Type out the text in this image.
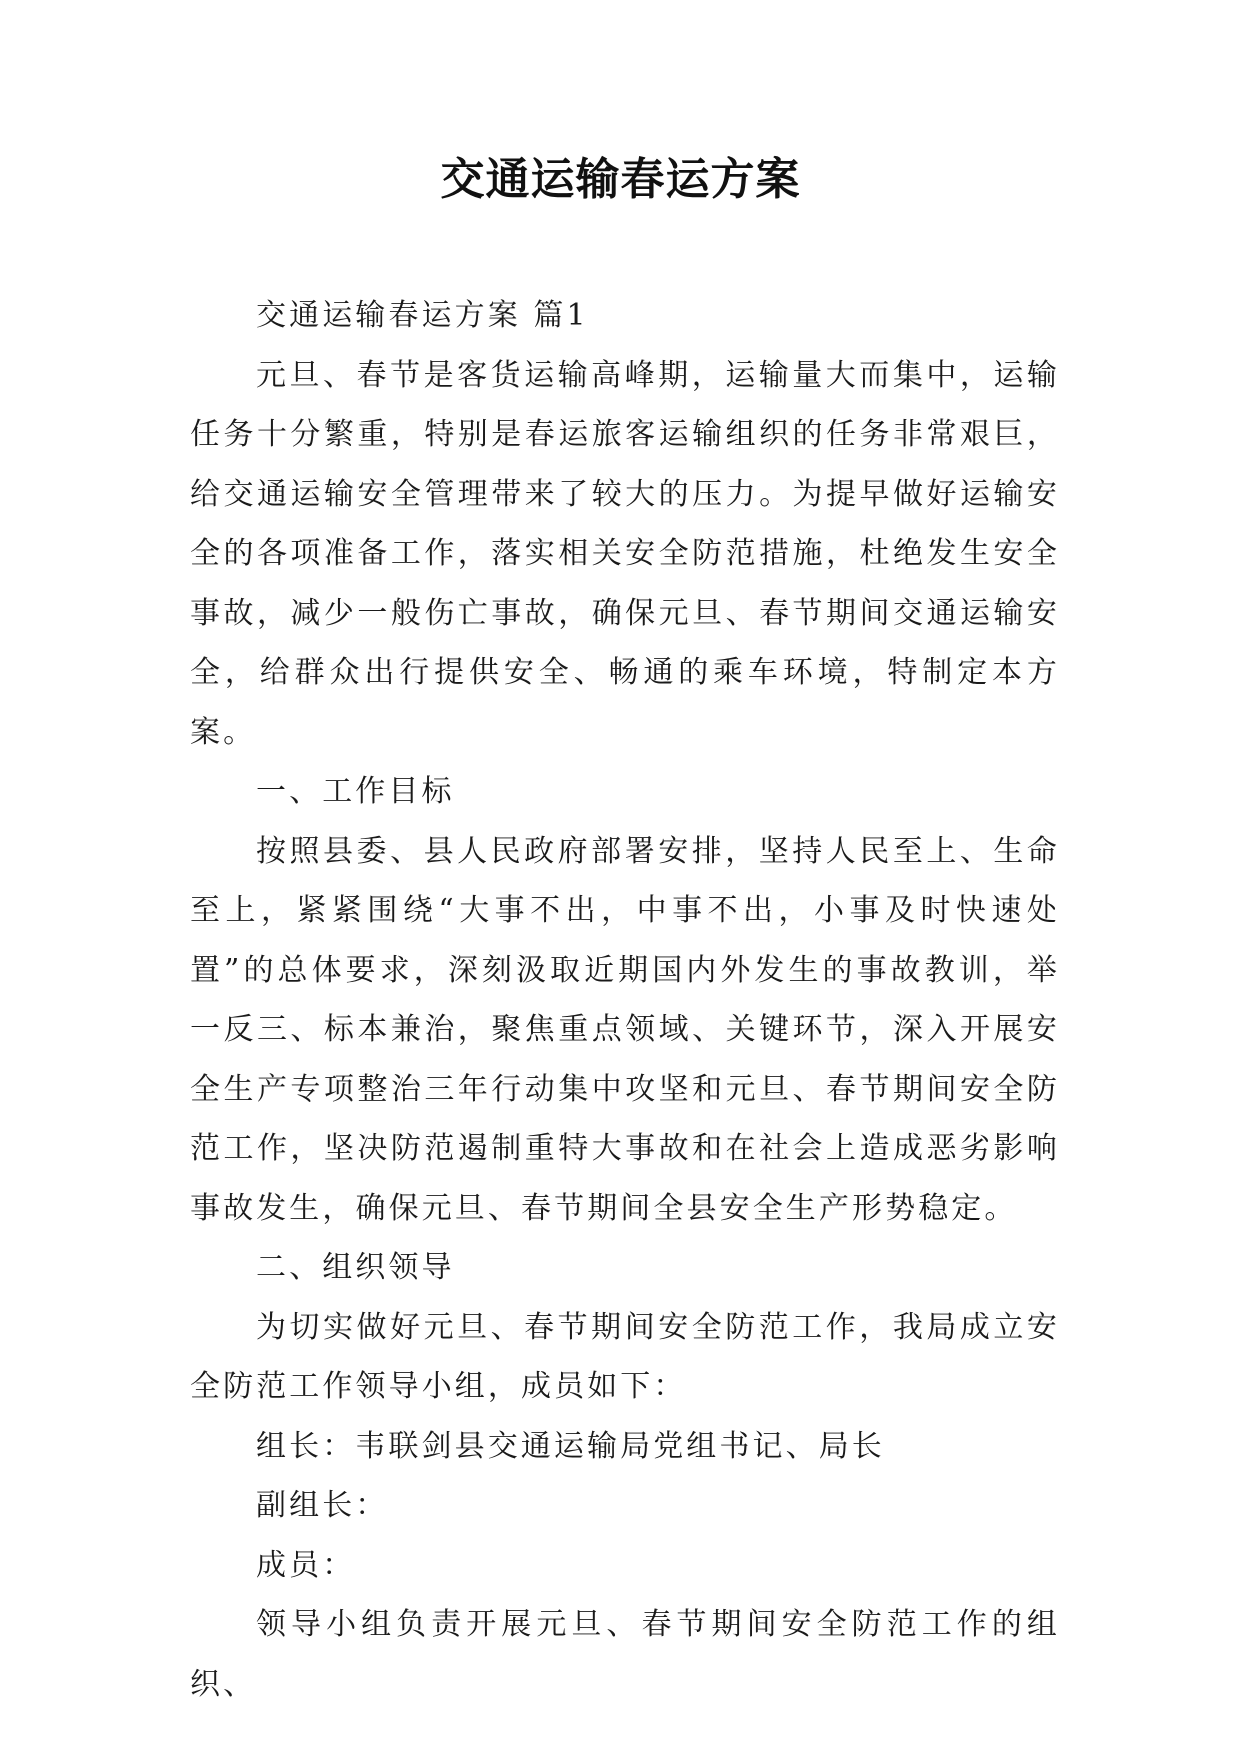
交通运输春运方案

交通运输春运方案 篇1

元旦、春节是客货运输高峰期，运输量大而集中，运输任务十分繁重，特别是春运旅客运输组织的任务非常艰巨，给交通运输安全管理带来了较大的压力。为提早做好运输安全的各项准备工作，落实相关安全防范措施，杜绝发生安全事故，减少一般伤亡事故，确保元旦、春节期间交通运输安全，给群众出行提供安全、畅通的乘车环境，特制定本方案。

一、工作目标

按照县委、县人民政府部署安排，坚持人民至上、生命至上，紧紧围绕“大事不出，中事不出，小事及时快速处置”的总体要求，深刻汲取近期国内外发生的事故教训，举一反三、标本兼治，聚焦重点领域、关键环节，深入开展安全生产专项整治三年行动集中攻坚和元旦、春节期间安全防范工作，坚决防范遏制重特大事故和在社会上造成恶劣影响事故发生，确保元旦、春节期间全县安全生产形势稳定。

二、组织领导

为切实做好元旦、春节期间安全防范工作，我局成立安全防范工作领导小组，成员如下：

组长：韦联剑县交通运输局党组书记、局长

副组长：

成员：

领导小组负责开展元旦、春节期间安全防范工作的组织、
